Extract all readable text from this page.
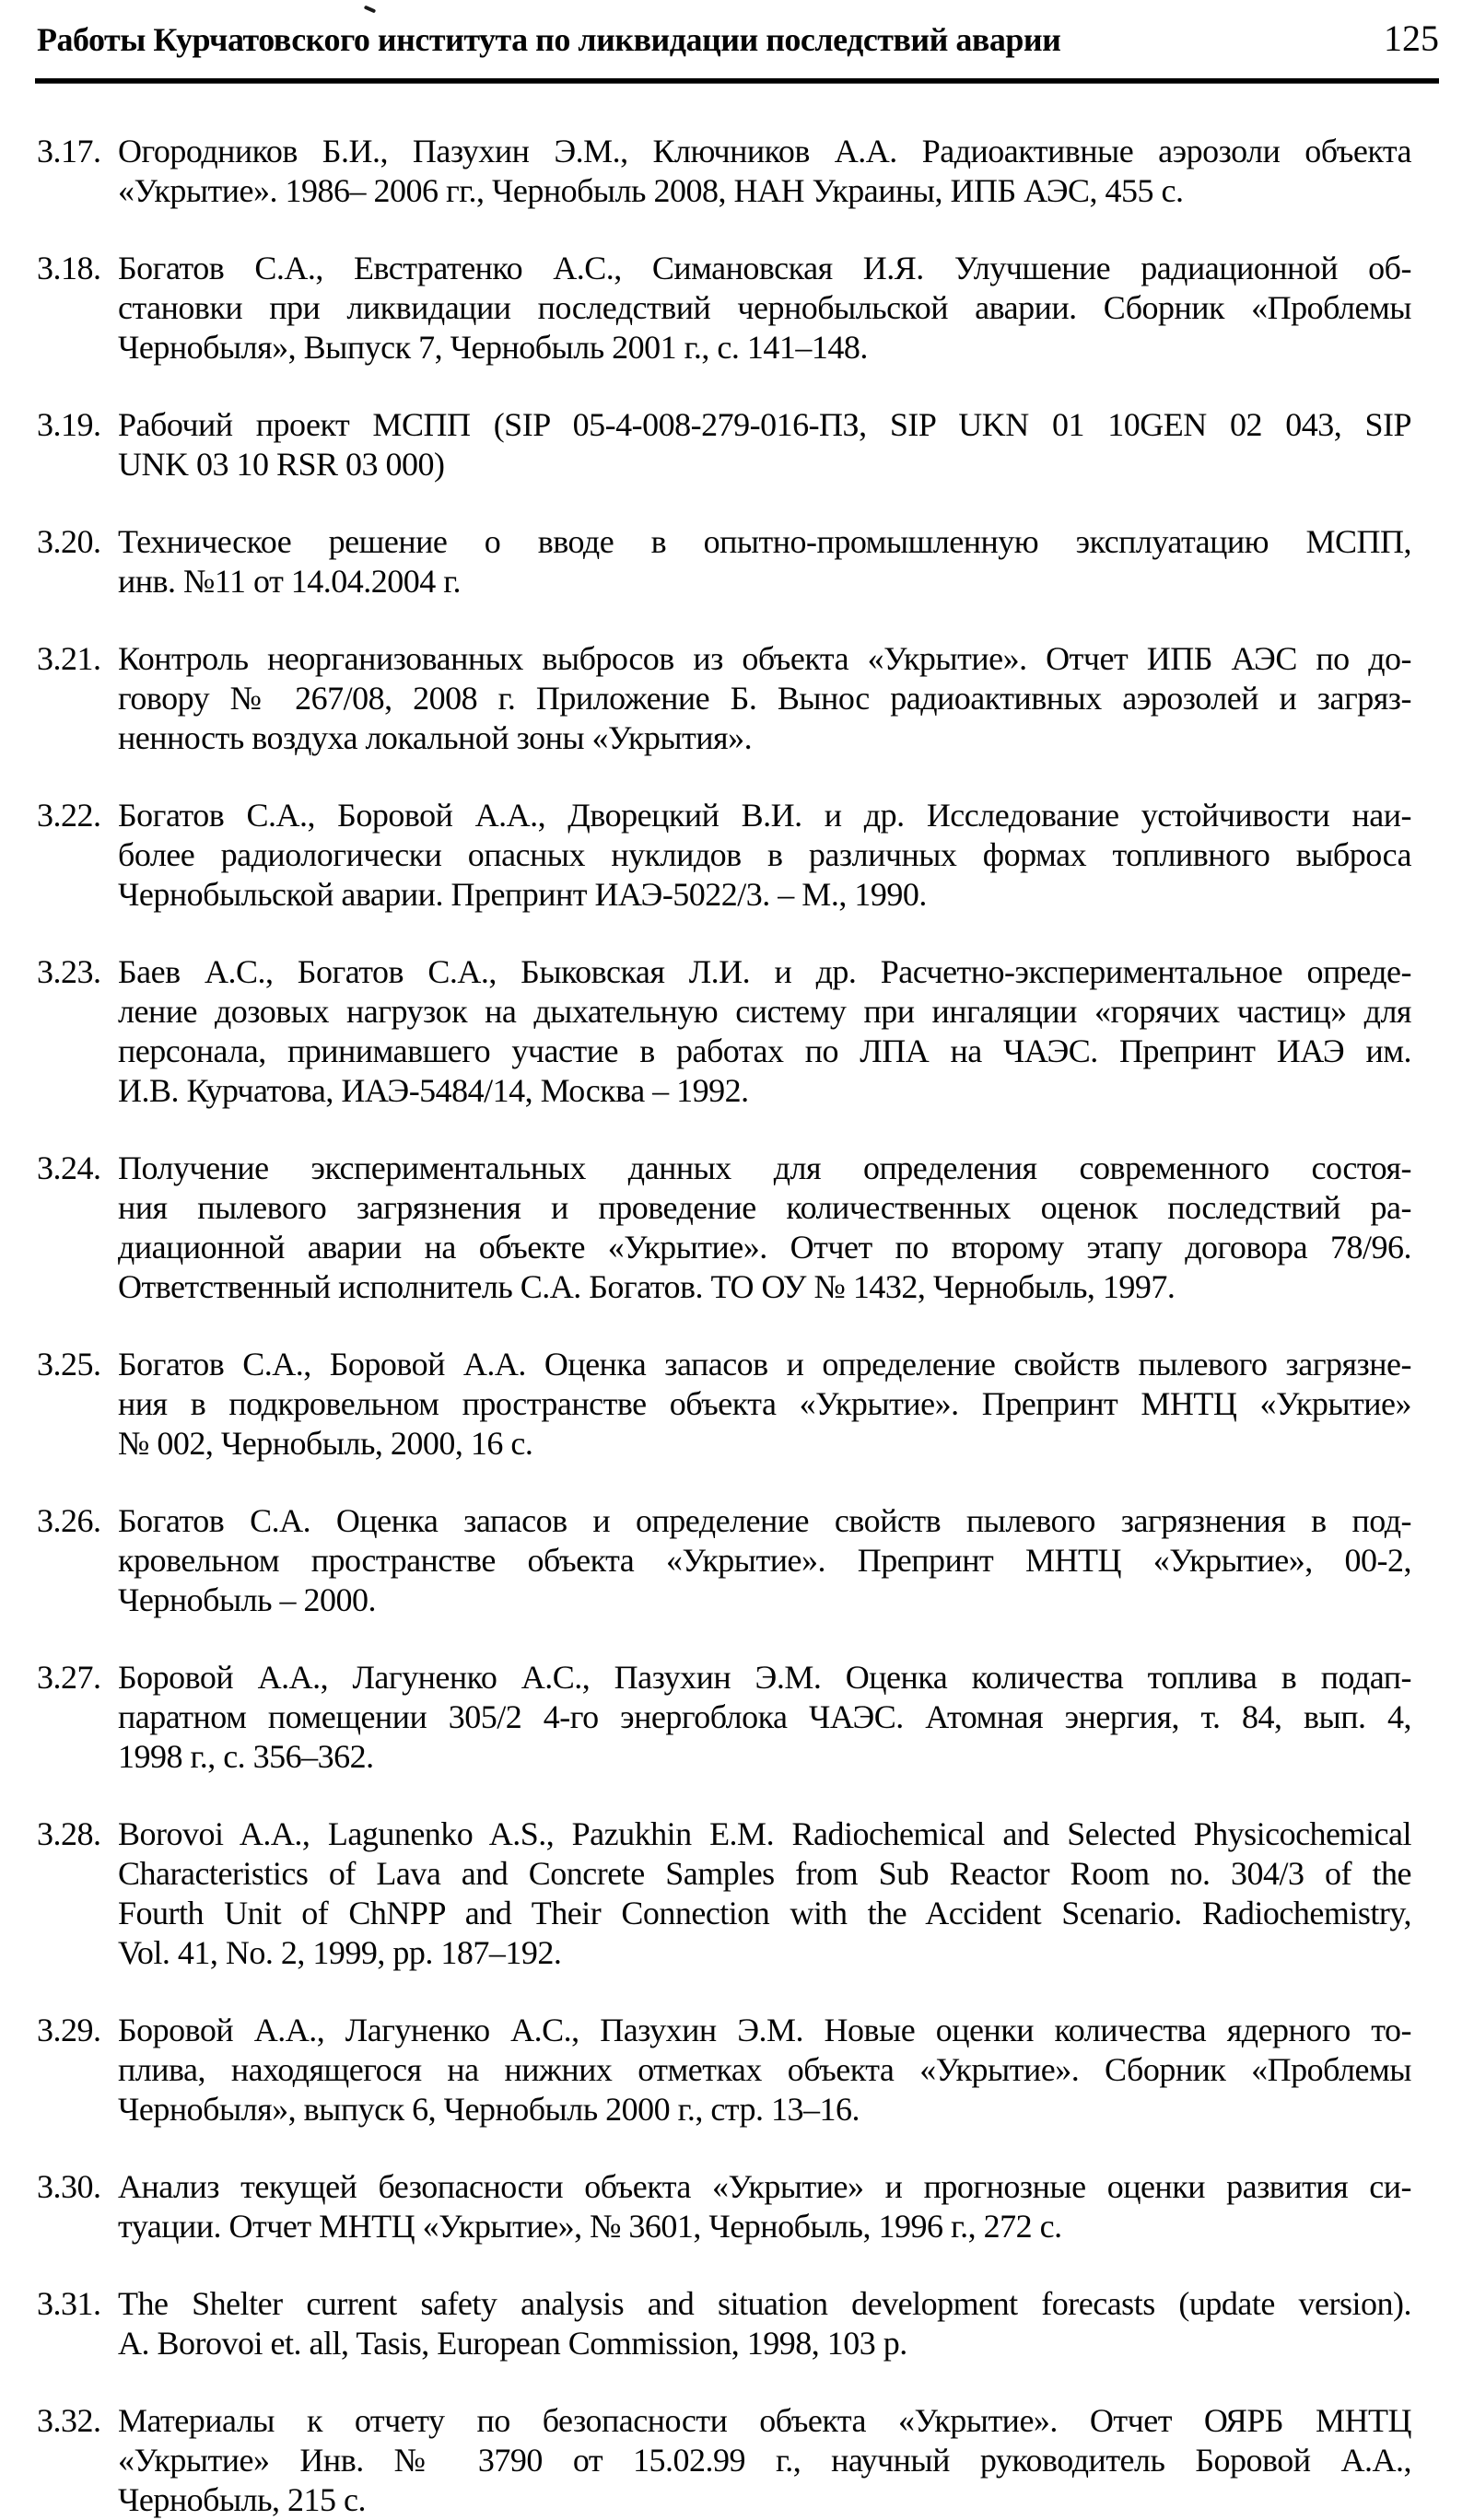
Работы Курчатовского института по ликвидации последствий аварии	125
3.17. Огородников Б.И., Пазухин Э.М., Ключников А.А. Радиоактивные аэрозоли объекта
«Укрытие». 1986– 2006 гг., Чернобыль 2008, НАН Украины, ИПБ АЭС, 455 с.
3.18. Богатов С.А., Евстратенко А.С., Симановская И.Я. Улучшение радиационной об-
становки при ликвидации последствий чернобыльской аварии. Сборник «Проблемы
Чернобыля», Выпуск 7, Чернобыль 2001 г., с. 141–148.
3.19. Рабочий проект МСПП (SIP 05-4-008-279-016-ПЗ, SIP UKN 01 10GEN 02 043, SIP
UNK 03 10 RSR 03 000)
3.20. Техническое решение о вводе в опытно-промышленную эксплуатацию МСПП,
инв. №11 от 14.04.2004 г.
3.21. Контроль неорганизованных выбросов из объекта «Укрытие». Отчет ИПБ АЭС по до-
говору № 267/08, 2008 г. Приложение Б. Вынос радиоактивных аэрозолей и загряз-
ненность воздуха локальной зоны «Укрытия».
3.22. Богатов С.А., Боровой А.А., Дворецкий В.И. и др. Исследование устойчивости наи-
более радиологически опасных нуклидов в различных формах топливного выброса
Чернобыльской аварии. Препринт ИАЭ-5022/3. – М., 1990.
3.23. Баев А.С., Богатов С.А., Быковская Л.И. и др. Расчетно-экспериментальное опреде-
ление дозовых нагрузок на дыхательную систему при ингаляции «горячих частиц» для
персонала, принимавшего участие в работах по ЛПА на ЧАЭС. Препринт ИАЭ им.
И.В. Курчатова, ИАЭ-5484/14, Москва – 1992.
3.24. Получение экспериментальных данных для определения современного состоя-
ния пылевого загрязнения и проведение количественных оценок последствий ра-
диационной аварии на объекте «Укрытие». Отчет по второму этапу договора 78/96.
Ответственный исполнитель С.А. Богатов. ТО ОУ № 1432, Чернобыль, 1997.
3.25. Богатов С.А., Боровой А.А. Оценка запасов и определение свойств пылевого загрязне-
ния в подкровельном пространстве объекта «Укрытие». Препринт МНТЦ «Укрытие»
№ 002, Чернобыль, 2000, 16 с.
3.26. Богатов С.А. Оценка запасов и определение свойств пылевого загрязнения в под-
кровельном пространстве объекта «Укрытие». Препринт МНТЦ «Укрытие», 00-2,
Чернобыль – 2000.
3.27. Боровой А.А., Лагуненко А.С., Пазухин Э.М. Оценка количества топлива в подап-
паратном помещении 305/2 4-го энергоблока ЧАЭС. Атомная энергия, т. 84, вып. 4,
1998 г., с. 356–362.
3.28. Borovoi A.A., Lagunenko A.S., Pazukhin E.M. Radiochemical and Selected Physicochemical
Characteristics of Lava and Concrete Samples from Sub Reactor Room no. 304/3 of the
Fourth Unit of ChNPP and Their Connection with the Accident Scenario. Radiochemistry,
Vol. 41, No. 2, 1999, pp. 187–192.
3.29. Боровой А.А., Лагуненко А.С., Пазухин Э.М. Новые оценки количества ядерного то-
плива, находящегося на нижних отметках объекта «Укрытие». Сборник «Проблемы
Чернобыля», выпуск 6, Чернобыль 2000 г., стр. 13–16.
3.30. Анализ текущей безопасности объекта «Укрытие» и прогнозные оценки развития си-
туации. Отчет МНТЦ «Укрытие», № 3601, Чернобыль, 1996 г., 272 с.
3.31. The Shelter current safety analysis and situation development forecasts (update version).
A. Borovoi et. all, Tasis, European Commission, 1998, 103 p.
3.32. Материалы к отчету по безопасности объекта «Укрытие». Отчет ОЯРБ МНТЦ
«Укрытие» Инв. № 3790 от 15.02.99 г., научный руководитель Боровой А.А.,
Чернобыль, 215 с.
